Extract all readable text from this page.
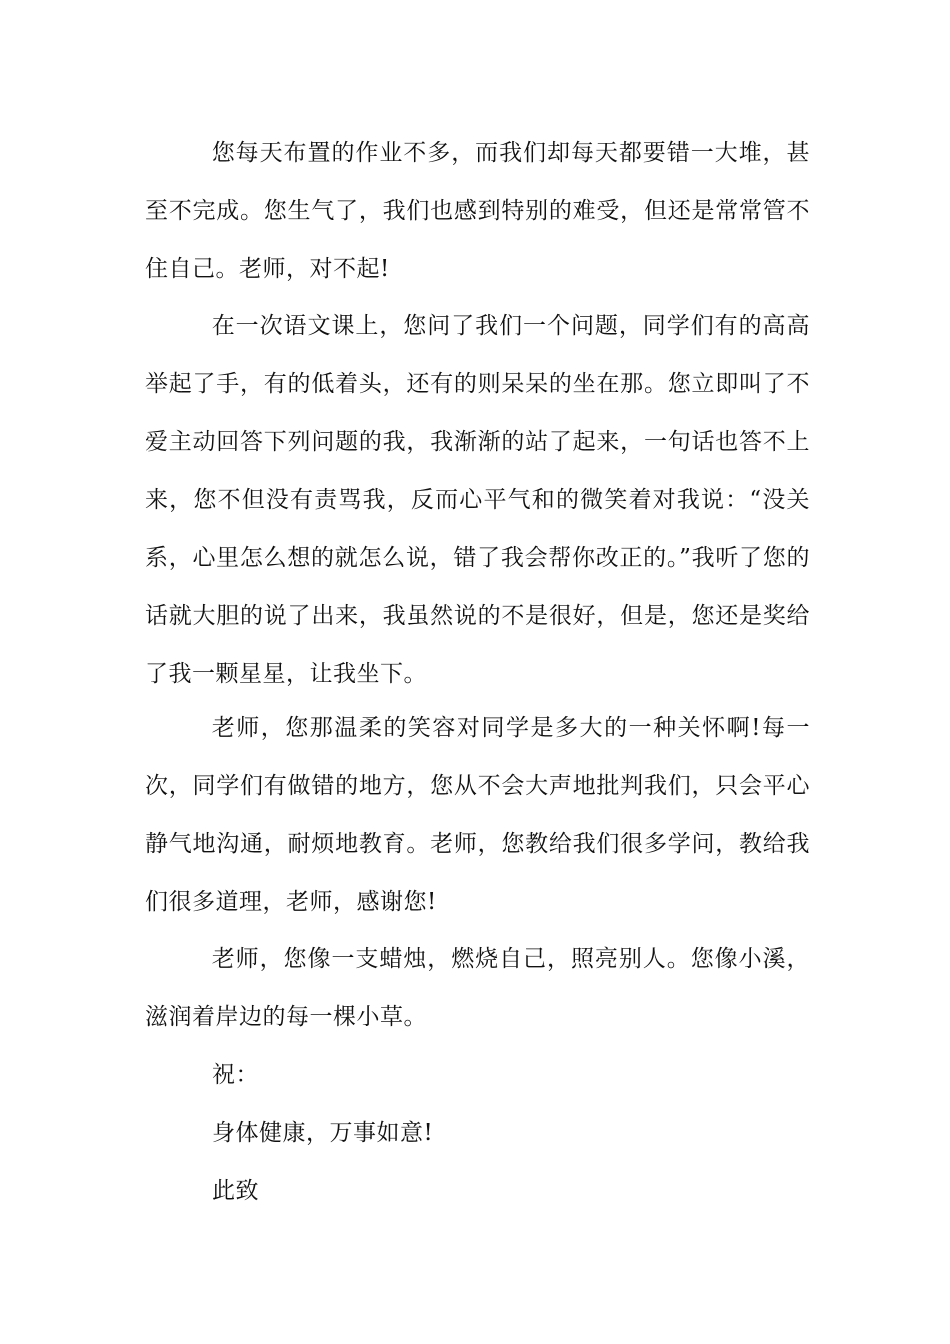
您每天布置的作业不多，而我们却每天都要错一大堆，甚至不完成。您生气了，我们也感到特别的难受，但还是常常管不住自己。老师，对不起!

在一次语文课上，您问了我们一个问题，同学们有的高高举起了手，有的低着头，还有的则呆呆的坐在那。您立即叫了不爱主动回答下列问题的我，我渐渐的站了起来，一句话也答不上来，您不但没有责骂我，反而心平气和的微笑着对我说：“没关系，心里怎么想的就怎么说，错了我会帮你改正的。”我听了您的话就大胆的说了出来，我虽然说的不是很好，但是，您还是奖给了我一颗星星，让我坐下。

老师，您那温柔的笑容对同学是多大的一种关怀啊!每一次，同学们有做错的地方，您从不会大声地批判我们，只会平心静气地沟通，耐烦地教育。老师，您教给我们很多学问，教给我们很多道理，老师，感谢您!

老师，您像一支蜡烛，燃烧自己，照亮别人。您像小溪，滋润着岸边的每一棵小草。

祝：

身体健康，万事如意!

此致
